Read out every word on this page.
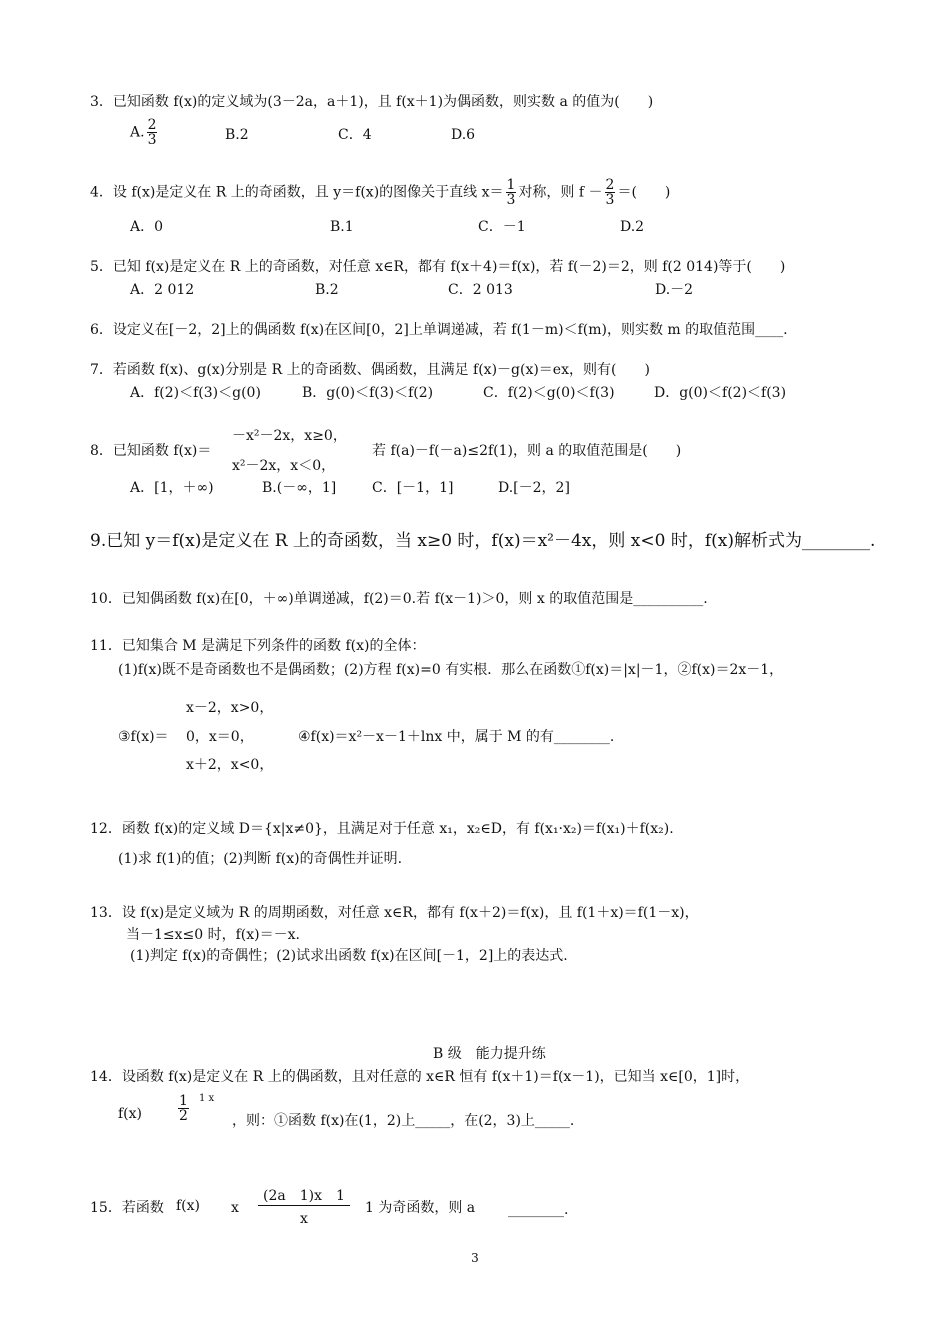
3．已知函数 f(x)的定义域为(3－2a，a＋1)，且 f(x＋1)为偶函数，则实数 a 的值为(　　)
A. $\frac{2}{3}$	B.2	C．4	D.6
4．设 f(x)是定义在 R 上的奇函数，且 y＝f(x)的图像关于直线 $x= \frac{1}{3}$ 对称，则 $f - \frac{2}{3}$ ＝(　　)
A．0	B.1	C．－1	D.2
5．已知 f(x)是定义在 R 上的奇函数，对任意 x∈R，都有 f(x＋4)＝f(x)，若 f(－2)＝2，则 f(2 014)等于(　　)
A．2 012	B.2	C．2 013	D.－2
6．设定义在[－2，2]上的偶函数 f(x)在区间[0，2]上单调递减，若 f(1－m)＜f(m)，则实数 m 的取值范围____.
7．若函数 f(x)、g(x)分别是 R 上的奇函数、偶函数，且满足 f(x)－g(x)＝ex，则有(　　)
A．f(2)＜f(3)＜g(0)	B．g(0)＜f(3)＜f(2)	C．f(2)＜g(0)＜f(3)	D．g(0)＜f(2)＜f(3)
8．已知函数 f(x)＝
－x²－2x，x≥0，
x²－2x，x＜0，
若 f(a)－f(－a)≤2f(1)，则 a 的取值范围是(　　)
A．[1，＋∞)	B.(－∞，1]	C．[－1，1]	D.[－2，2]
9.已知 y＝f(x)是定义在 R 上的奇函数，当 x≥0 时，f(x)＝x²－4x，则 x<0 时，f(x)解析式为________.
10．已知偶函数 f(x)在[0，＋∞)单调递减，f(2)＝0.若 f(x－1)＞0，则 x 的取值范围是__________.
11．已知集合 M 是满足下列条件的函数 f(x)的全体：
(1)f(x)既不是奇函数也不是偶函数；(2)方程 f(x)=0 有实根．那么在函数①f(x)＝|x|－1，②f(x)＝2x－1，
x－2，x>0，
③f(x)＝ 0，x＝0，
x＋2，x<0，
④f(x)＝x²－x－1＋lnx 中，属于 M 的有________.
12．函数 f(x)的定义域 D＝{x|x≠0}，且满足对于任意 x₁，x₂∈D，有 f(x₁·x₂)＝f(x₁)＋f(x₂).
(1)求 f(1)的值；(2)判断 f(x)的奇偶性并证明.
13．设 f(x)是定义域为 R 的周期函数，对任意 x∈R，都有 f(x＋2)＝f(x)，且 f(1＋x)＝f(1－x)，
当－1≤x≤0 时，f(x)＝－x.
(1)判定 f(x)的奇偶性；(2)试求出函数 f(x)在区间[－1，2]上的表达式.
B 级　能力提升练
14．设函数 f(x)是定义在 R 上的偶函数，且对任意的 x∈R 恒有 f(x＋1)＝f(x－1)，已知当 x∈[0，1]时，
f(x)	$\frac{1}{2} 1$ x
，则：①函数 f(x)在(1，2)上_____，在(2，3)上_____.
15．若函数 f(x) x
(2a　1)x　1
x
1 为奇函数，则 a ________.
3
